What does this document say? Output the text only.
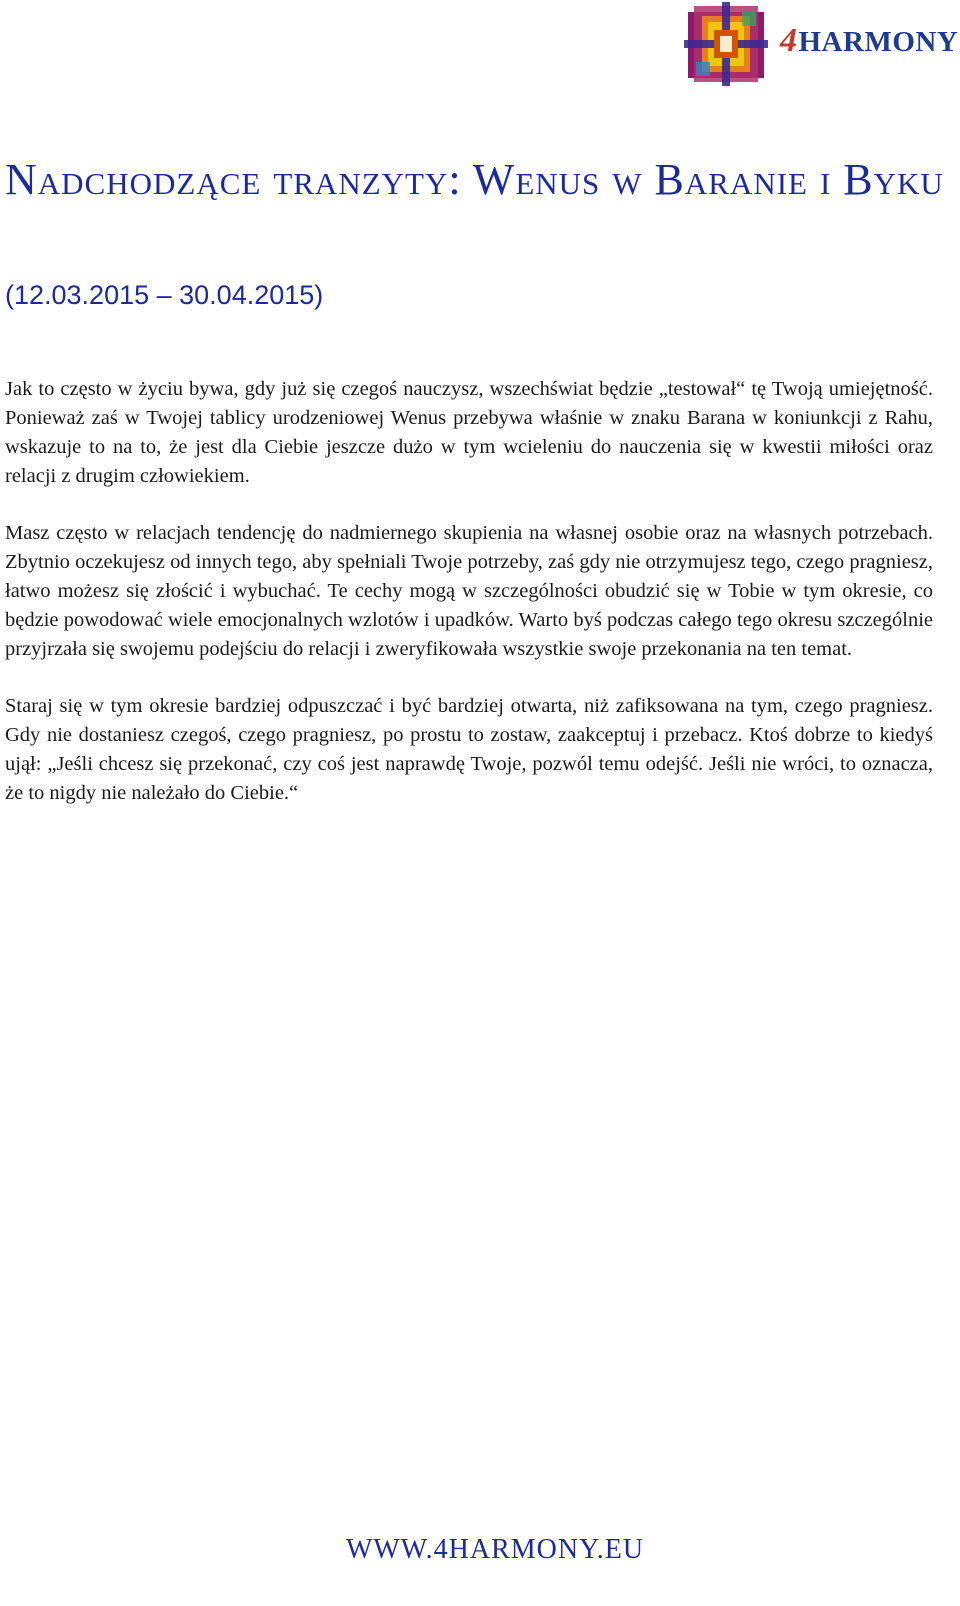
4HARMONY
Nadchodzące tranzyty: Wenus w Baranie i Byku
(12.03.2015 – 30.04.2015)

Jak to często w życiu bywa, gdy już się czegoś nauczysz, wszechświat będzie „testował“ tę Twoją umiejętność. Ponieważ zaś w Twojej tablicy urodzeniowej Wenus przebywa właśnie w znaku Barana w koniunkcji z Rahu, wskazuje to na to, że jest dla Ciebie jeszcze dużo w tym wcieleniu do nauczenia się w kwestii miłości oraz relacji z drugim człowiekiem.

Masz często w relacjach tendencję do nadmiernego skupienia na własnej osobie oraz na własnych potrzebach. Zbytnio oczekujesz od innych tego, aby spełniali Twoje potrzeby, zaś gdy nie otrzymujesz tego, czego pragniesz, łatwo możesz się złościć i wybuchać. Te cechy mogą w szczególności obudzić się w Tobie w tym okresie, co będzie powodować wiele emocjonalnych wzlotów i upadków. Warto byś podczas całego tego okresu szczególnie przyjrzała się swojemu podejściu do relacji i zweryfikowała wszystkie swoje przekonania na ten temat.

Staraj się w tym okresie bardziej odpuszczać i być bardziej otwarta, niż zafiksowana na tym, czego pragniesz. Gdy nie dostaniesz czegoś, czego pragniesz, po prostu to zostaw, zaakceptuj i przebacz. Ktoś dobrze to kiedyś ujął: „Jeśli chcesz się przekonać, czy coś jest naprawdę Twoje, pozwól temu odejść. Jeśli nie wróci, to oznacza, że to nigdy nie należało do Ciebie.“

WWW.4HARMONY.EU
